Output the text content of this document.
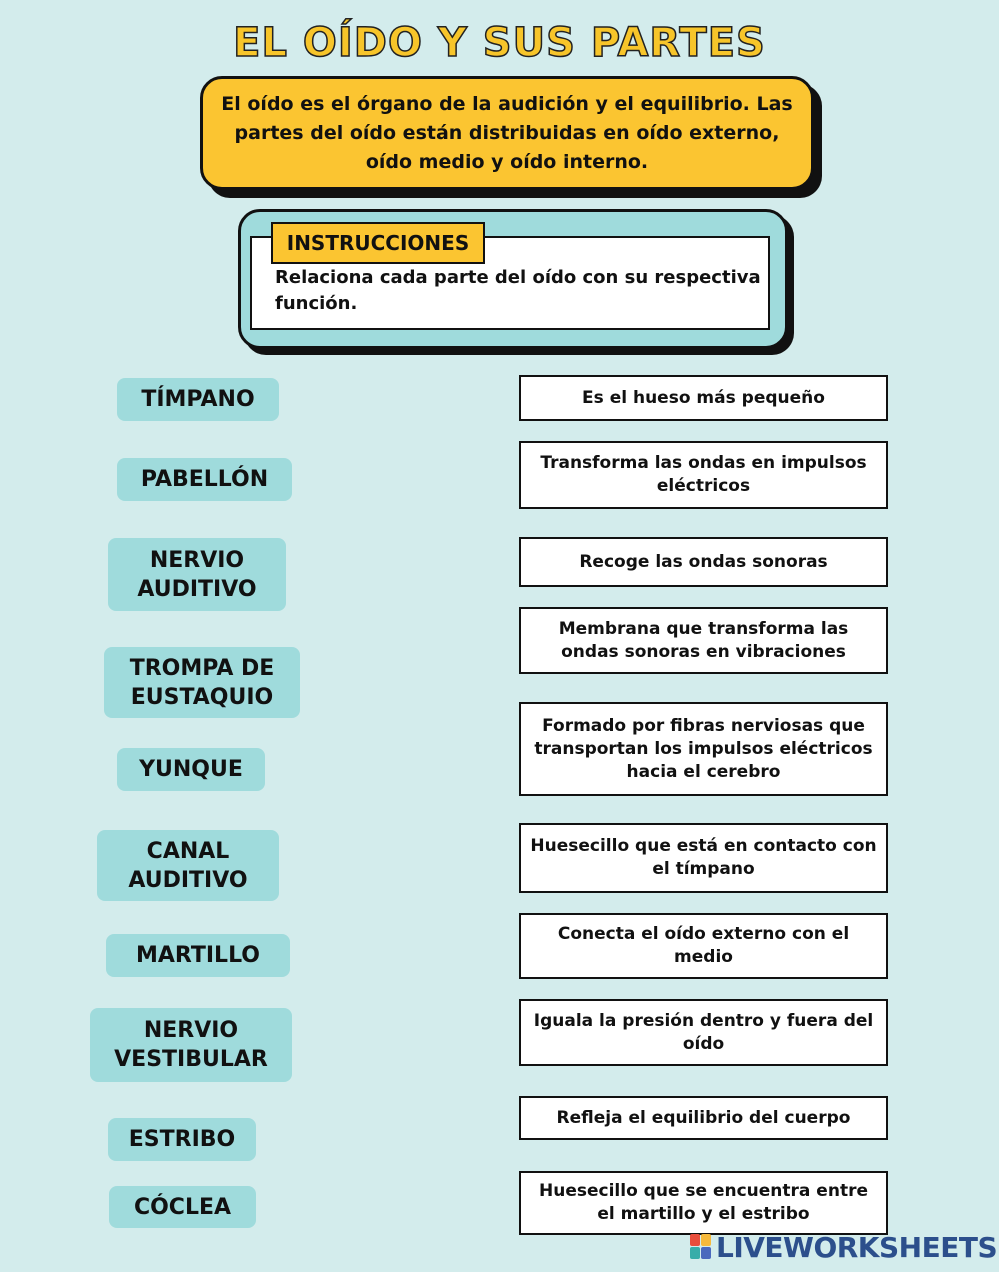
EL OÍDO Y SUS PARTES
El oído es el órgano de la audición y el equilibrio. Las partes del oído están distribuidas en oído externo, oído medio y oído interno.
INSTRUCCIONES
Relaciona cada parte del oído con su respectiva función.
TÍMPANO
PABELLÓN
NERVIO AUDITIVO
TROMPA DE EUSTAQUIO
YUNQUE
CANAL AUDITIVO
MARTILLO
NERVIO VESTIBULAR
ESTRIBO
CÓCLEA
Es el hueso más pequeño
Transforma las ondas en impulsos eléctricos
Recoge las ondas sonoras
Membrana que transforma las ondas sonoras en vibraciones
Formado por fibras nerviosas que transportan los impulsos eléctricos hacia el cerebro
Huesecillo que está en contacto con el tímpano
Conecta el oído externo con el medio
Iguala la presión dentro y fuera del oído
Refleja el equilibrio del cuerpo
Huesecillo que se encuentra entre el martillo y el estribo
LIVEWORKSHEETS
